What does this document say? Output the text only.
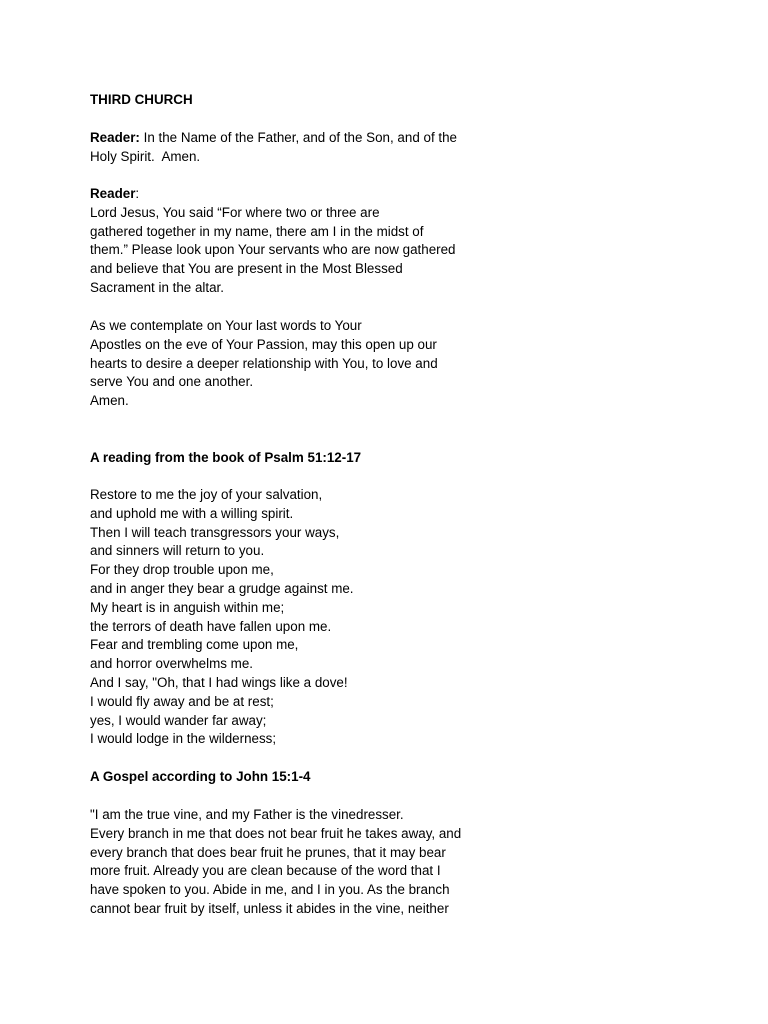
THIRD CHURCH
Reader: In the Name of the Father, and of the Son, and of the
Holy Spirit.  Amen.
Reader:
Lord Jesus, You said “For where two or three are
gathered together in my name, there am I in the midst of
them.” Please look upon Your servants who are now gathered
and believe that You are present in the Most Blessed
Sacrament in the altar.
As we contemplate on Your last words to Your
Apostles on the eve of Your Passion, may this open up our
hearts to desire a deeper relationship with You, to love and
serve You and one another.
Amen.
A reading from the book of Psalm 51:12-17
Restore to me the joy of your salvation,
and uphold me with a willing spirit.
Then I will teach transgressors your ways,
and sinners will return to you.
For they drop trouble upon me,
and in anger they bear a grudge against me.
My heart is in anguish within me;
the terrors of death have fallen upon me.
Fear and trembling come upon me,
and horror overwhelms me.
And I say, "Oh, that I had wings like a dove!
I would fly away and be at rest;
yes, I would wander far away;
I would lodge in the wilderness;
A Gospel according to John 15:1-4
"I am the true vine, and my Father is the vinedresser.
Every branch in me that does not bear fruit he takes away, and
every branch that does bear fruit he prunes, that it may bear
more fruit. Already you are clean because of the word that I
have spoken to you. Abide in me, and I in you. As the branch
cannot bear fruit by itself, unless it abides in the vine, neither
